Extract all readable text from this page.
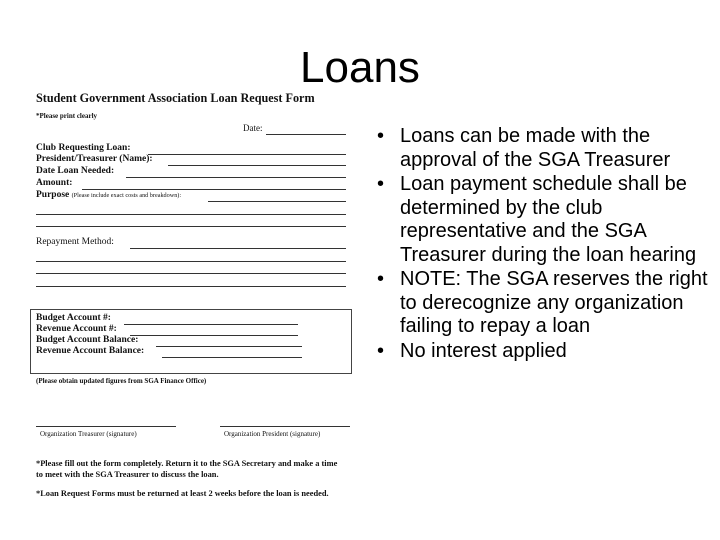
Loans
Student Government Association Loan Request Form
*Please print clearly
Date:
Club Requesting Loan:
President/Treasurer (Name):
Date Loan Needed:
Amount:
Purpose (Please include exact costs and breakdown):
Repayment Method:
Budget Account #:
Revenue Account #:
Budget Account Balance:
Revenue Account Balance:
(Please obtain updated figures from SGA Finance Office)
Organization Treasurer (signature)	Organization President (signature)
*Please fill out the form completely. Return it to the SGA Secretary and make a time to meet with the SGA Treasurer to discuss the loan.
*Loan Request Forms must be returned at least 2 weeks before the loan is needed.
• Loans can be made with the approval of the SGA Treasurer
• Loan payment schedule shall be determined by the club representative and the SGA Treasurer during the loan hearing
• NOTE: The SGA reserves the right to derecognize any organization failing to repay a loan
• No interest applied
